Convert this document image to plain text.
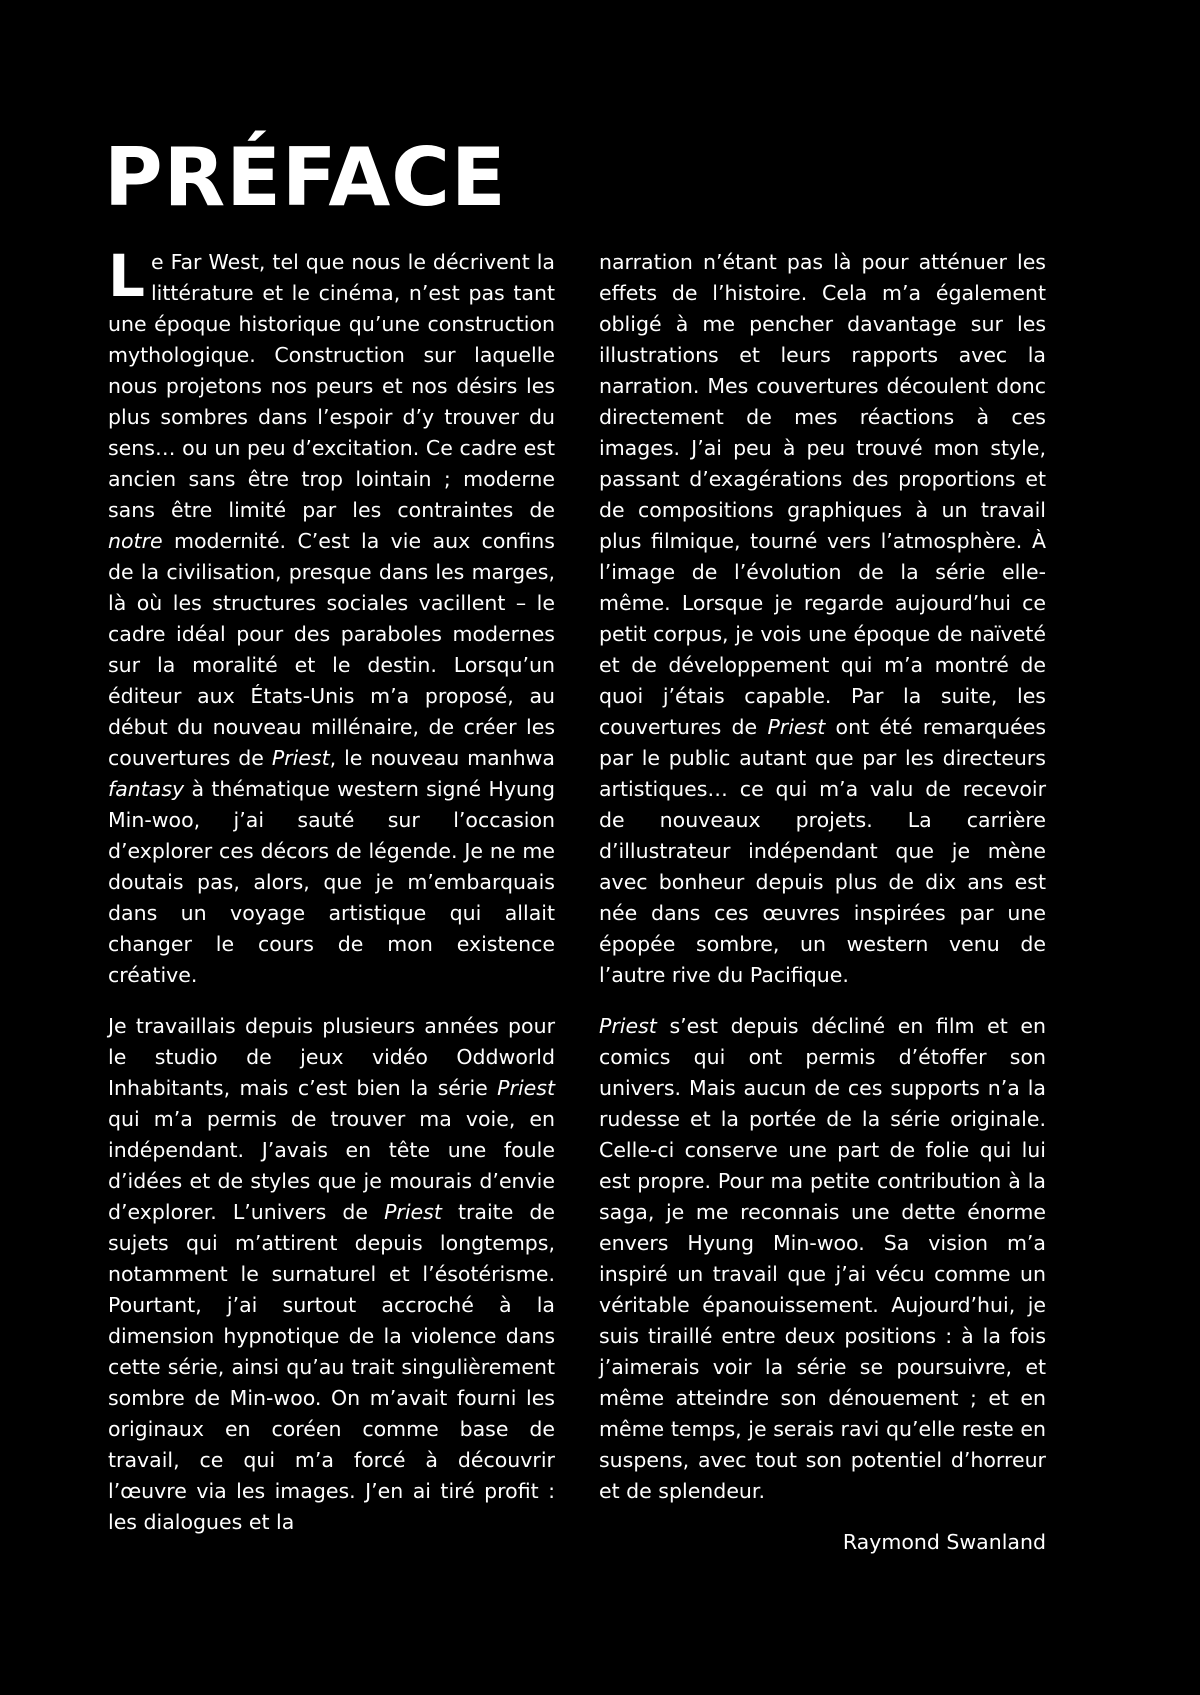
PRÉFACE

Le Far West, tel que nous le décrivent la littérature et le cinéma, n’est pas tant une époque historique qu’une construction mythologique. Construction sur laquelle nous projetons nos peurs et nos désirs les plus sombres dans l’espoir d’y trouver du sens… ou un peu d’excitation. Ce cadre est ancien sans être trop lointain ; moderne sans être limité par les contraintes de notre modernité. C’est la vie aux confins de la civilisation, presque dans les marges, là où les structures sociales vacillent – le cadre idéal pour des paraboles modernes sur la moralité et le destin. Lorsqu’un éditeur aux États-Unis m’a proposé, au début du nouveau millénaire, de créer les couvertures de Priest, le nouveau manhwa fantasy à thématique western signé Hyung Min-woo, j’ai sauté sur l’occasion d’explorer ces décors de légende. Je ne me doutais pas, alors, que je m’embarquais dans un voyage artistique qui allait changer le cours de mon existence créative.

Je travaillais depuis plusieurs années pour le studio de jeux vidéo Oddworld Inhabitants, mais c’est bien la série Priest qui m’a permis de trouver ma voie, en indépendant. J’avais en tête une foule d’idées et de styles que je mourais d’envie d’explorer. L’univers de Priest traite de sujets qui m’attirent depuis longtemps, notamment le surnaturel et l’ésotérisme. Pourtant, j’ai surtout accroché à la dimension hypnotique de la violence dans cette série, ainsi qu’au trait singulièrement sombre de Min-woo. On m’avait fourni les originaux en coréen comme base de travail, ce qui m’a forcé à découvrir l’œuvre via les images. J’en ai tiré profit : les dialogues et la

narration n’étant pas là pour atténuer les effets de l’histoire. Cela m’a également obligé à me pencher davantage sur les illustrations et leurs rapports avec la narration. Mes couvertures découlent donc directement de mes réactions à ces images. J’ai peu à peu trouvé mon style, passant d’exagérations des proportions et de compositions graphiques à un travail plus filmique, tourné vers l’atmosphère. À l’image de l’évolution de la série elle-même. Lorsque je regarde aujourd’hui ce petit corpus, je vois une époque de naïveté et de développement qui m’a montré de quoi j’étais capable. Par la suite, les couvertures de Priest ont été remarquées par le public autant que par les directeurs artistiques… ce qui m’a valu de recevoir de nouveaux projets. La carrière d’illustrateur indépendant que je mène avec bonheur depuis plus de dix ans est née dans ces œuvres inspirées par une épopée sombre, un western venu de l’autre rive du Pacifique.

Priest s’est depuis décliné en film et en comics qui ont permis d’étoffer son univers. Mais aucun de ces supports n’a la rudesse et la portée de la série originale. Celle-ci conserve une part de folie qui lui est propre. Pour ma petite contribution à la saga, je me reconnais une dette énorme envers Hyung Min-woo. Sa vision m’a inspiré un travail que j’ai vécu comme un véritable épanouissement. Aujourd’hui, je suis tiraillé entre deux positions : à la fois j’aimerais voir la série se poursuivre, et même atteindre son dénouement ; et en même temps, je serais ravi qu’elle reste en suspens, avec tout son potentiel d’horreur et de splendeur.

Raymond Swanland
